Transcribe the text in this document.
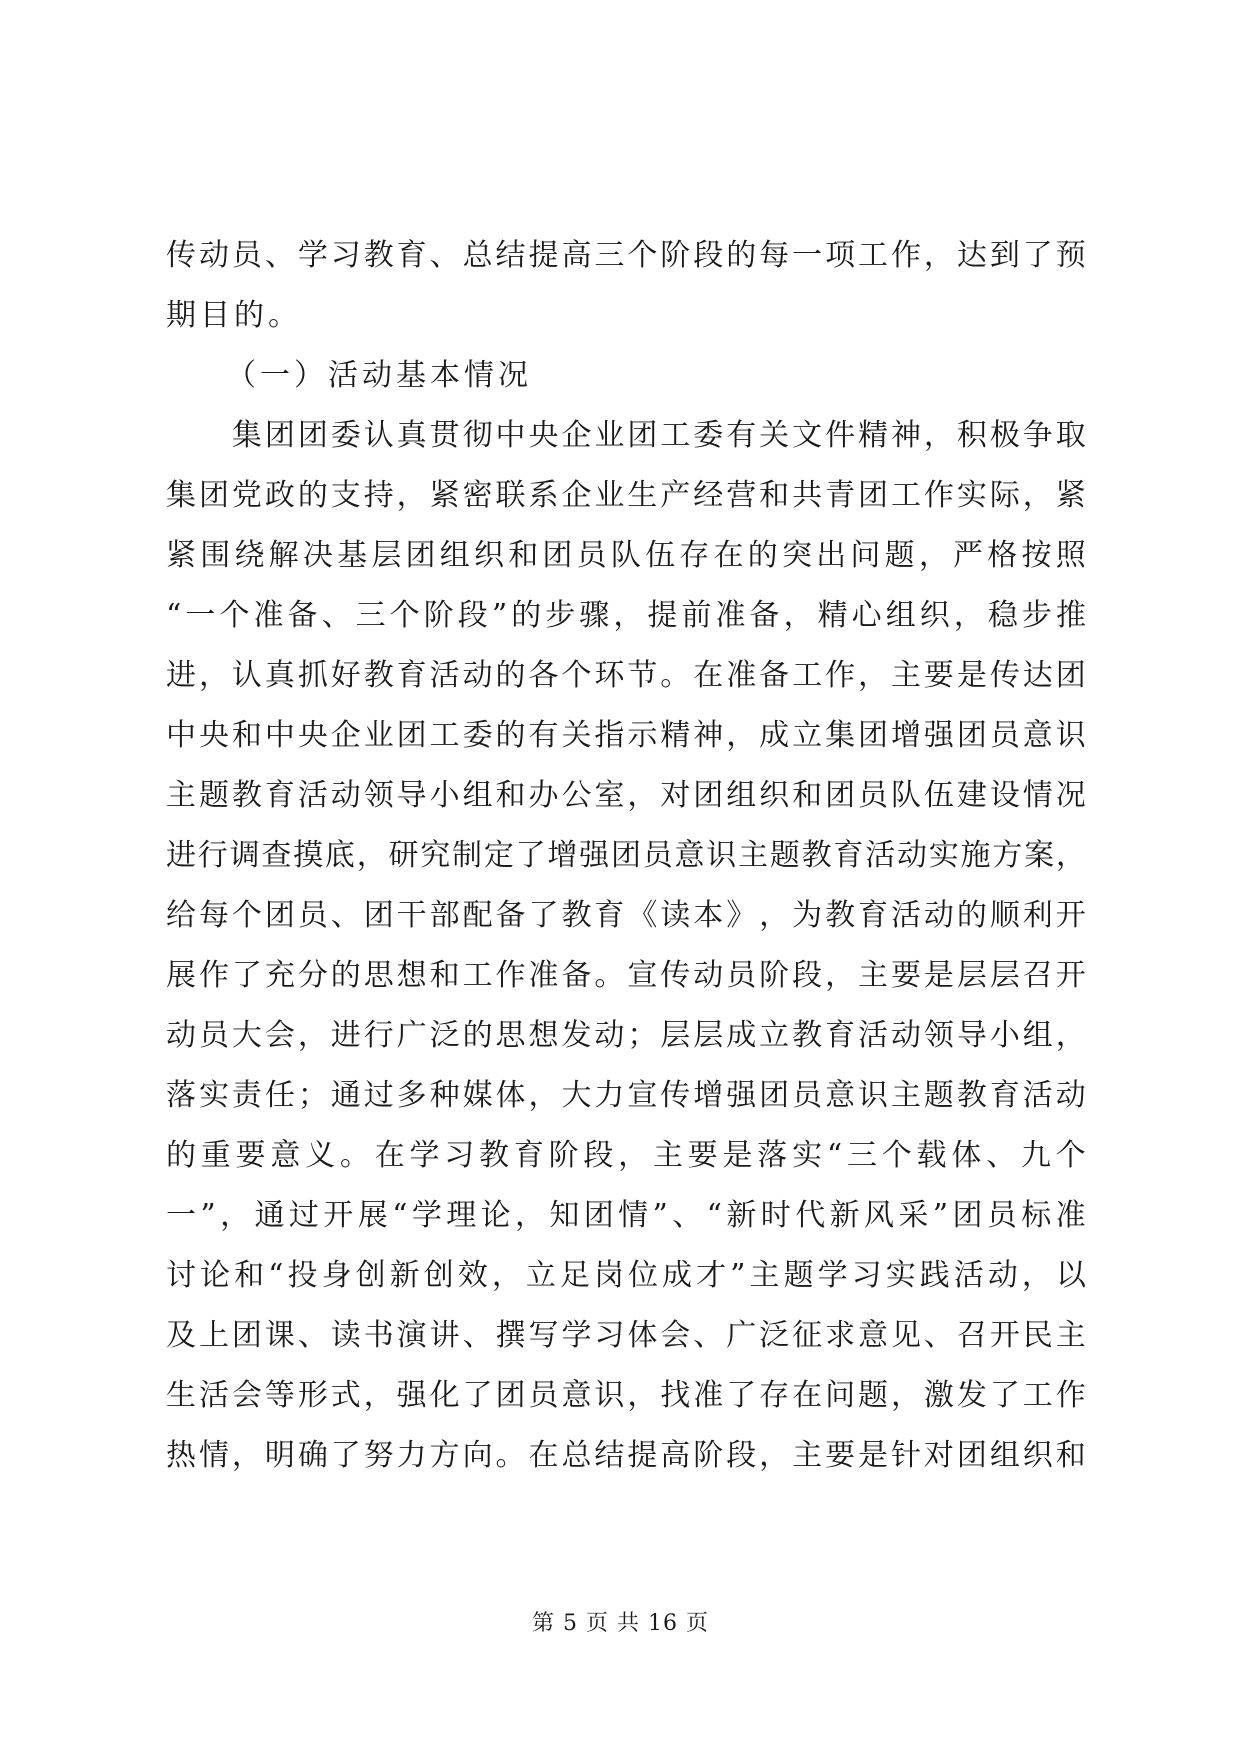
传 动 员 、 学 习 教 育 、 总 结 提 高 三 个 阶 段 的 每 一 项 工 作 ， 达 到 了 预
期目的。
（一）活动基本情况

集 团 团 委 认 真 贯 彻 中 央 企 业 团 工 委 有 关 文 件 精 神 ， 积 极 争 取
集 团 党 政 的 支 持 ， 紧 密 联 系 企 业 生 产 经 营 和 共 青 团 工 作 实 际 ， 紧
紧 围 绕 解 决 基 层 团 组 织 和 团 员 队 伍 存 在 的 突 出 问 题 ， 严 格 按 照
“ 一 个 准 备 、 三 个 阶 段 ” 的 步 骤 ， 提 前 准 备 ， 精 心 组 织 ， 稳 步 推
进 ， 认 真 抓 好 教 育 活 动 的 各 个 环 节 。 在 准 备 工 作 ， 主 要 是 传 达 团
中 央 和 中 央 企 业 团 工 委 的 有 关 指 示 精 神 ， 成 立 集 团 增 强 团 员 意 识
主 题 教 育 活 动 领 导 小 组 和 办 公 室 ， 对 团 组 织 和 团 员 队 伍 建 设 情 况
进 行 调 查 摸 底 ， 研 究 制 定 了 增 强 团 员 意 识 主 题 教 育 活 动 实 施 方 案 ，
给 每 个 团 员 、 团 干 部 配 备 了 教 育 《 读 本 》 ， 为 教 育 活 动 的 顺 利 开
展 作 了 充 分 的 思 想 和 工 作 准 备 。 宣 传 动 员 阶 段 ， 主 要 是 层 层 召 开
动 员 大 会 ， 进 行 广 泛 的 思 想 发 动 ； 层 层 成 立 教 育 活 动 领 导 小 组 ，
落 实 责 任 ； 通 过 多 种 媒 体 ， 大 力 宣 传 增 强 团 员 意 识 主 题 教 育 活 动
的 重 要 意 义 。 在 学 习 教 育 阶 段 ， 主 要 是 落 实 “ 三 个 载 体 、 九 个
一 ” ， 通 过 开 展 “ 学 理 论 ， 知 团 情 ” 、 “ 新 时 代 新 风 采 ” 团 员 标 准
讨 论 和 “ 投 身 创 新 创 效 ， 立 足 岗 位 成 才 ” 主 题 学 习 实 践 活 动 ， 以
及 上 团 课 、 读 书 演 讲 、 撰 写 学 习 体 会 、 广 泛 征 求 意 见 、 召 开 民 主
生 活 会 等 形 式 ， 强 化 了 团 员 意 识 ， 找 准 了 存 在 问 题 ， 激 发 了 工 作
热 情 ， 明 确 了 努 力 方 向 。 在 总 结 提 高 阶 段 ， 主 要 是 针 对 团 组 织 和
第 5 页 共 16 页
